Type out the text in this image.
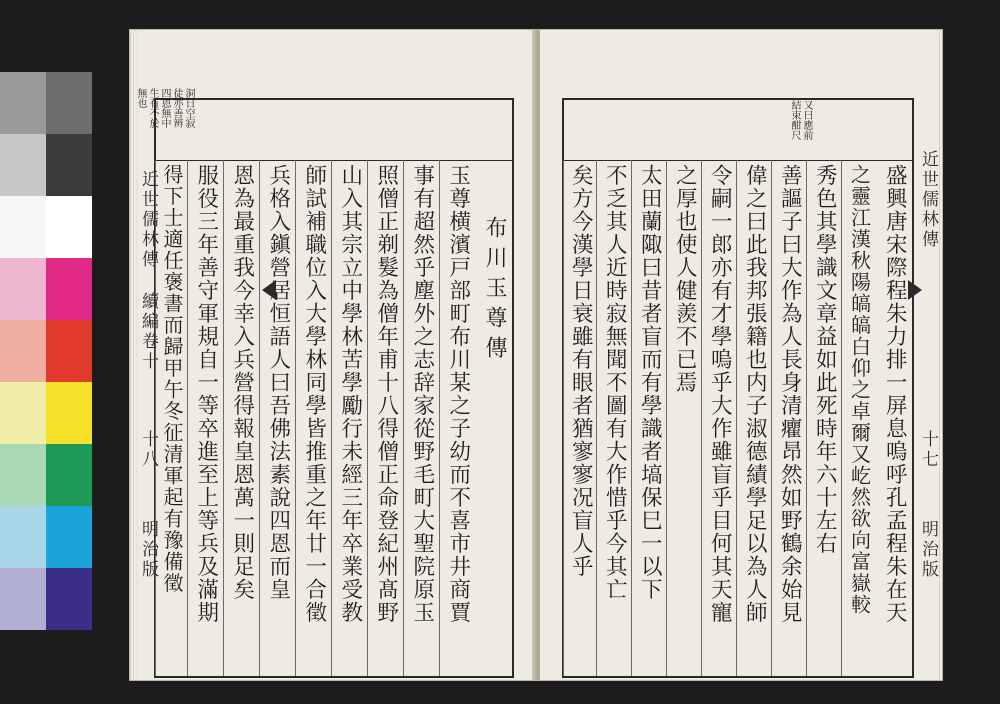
布川玉尊傳
玉尊横濱戸部町布川某之子幼而不喜市井商賈
事有超然乎塵外之志辞家從野毛町大聖院原玉
照僧正剃髮為僧年甫十八得僧正命登紀州髙野
山入其宗立中學林苦學勵行未經三年卒業受教
師試補職位入大學林同學皆推重之年廿一合徵
兵格入鎭營居恒語人曰吾佛法素說四恩而皇
恩為最重我今幸入兵營得報皇恩萬一則足矣
服役三年善守軍規自一等卒進至上等兵及滿期
得下士適任褒書而歸甲午冬征清軍起有豫備徵
洞日空寂
徒亦善辨
四恩無中
生有不於
無也
近世儒林傳
續編卷十
十八
明治版	盛興唐宋際程朱力排一屏息嗚呼孔孟程朱在天
之靈江漢秋陽皜皜白仰之卓爾又屹然欲向富嶽較
秀色其學識文章益如此死時年六十左右
善謳子曰大作為人長身清癯昂然如野鶴余始見
偉之曰此我邦張籍也内子淑德績學足以為人師
令嗣一郎亦有才學嗚乎大作雖盲乎目何其天寵
之厚也使人健羨不已焉
太田蘭陬曰昔者盲而有學識者塙保巳一以下
不乏其人近時寂無聞不圖有大作惜乎今其亡
矣方今漢學日衰雖有眼者猶寥寥况盲人乎
又曰應前
結束酣尺
近世儒林傳
十七
明治版
